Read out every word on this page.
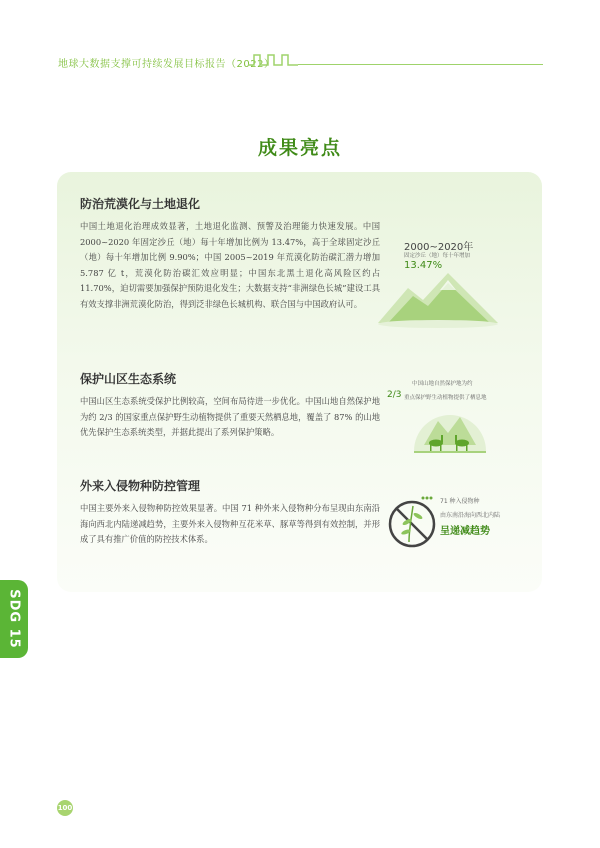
地球大数据支撑可持续发展目标报告（2022）
成果亮点
防治荒漠化与土地退化

中国土地退化治理成效显著，土地退化监测、预警及治理能力快速发展。中国 2000~2020 年固定沙丘（地）每十年增加比例为 13.47%，高于全球固定沙丘（地）每十年增加比例 9.90%；中国 2005~2019 年荒漠化防治碳汇潜力增加 5.787 亿 t，荒漠化防治碳汇效应明显；中国东北黑土退化高风险区约占 11.70%，迫切需要加强保护预防退化发生；大数据支持“非洲绿色长城”建设工具有效支撑非洲荒漠化防治，得到泛非绿色长城机构、联合国与中国政府认可。

保护山区生态系统

中国山区生态系统受保护比例较高，空间布局待进一步优化。中国山地自然保护地为约 2/3 的国家重点保护野生动植物提供了重要天然栖息地，覆盖了 87% 的山地优先保护生态系统类型，并据此提出了系列保护策略。

外来入侵物种防控管理

中国主要外来入侵物种防控效果显著。中国 71 种外来入侵物种分布呈现由东南沿海向西北内陆递减趋势，主要外来入侵物种互花米草、豚草等得到有效控制，并形成了具有推广价值的防控技术体系。

2000~2020年
固定沙丘（地）每十年增加
13.47%
中国山地自然保护地为约
2/3 重点保护野生动植物提供了栖息地
71 种入侵物种
由东南沿海向西北内陆
呈递减趋势
SDG 15
100
